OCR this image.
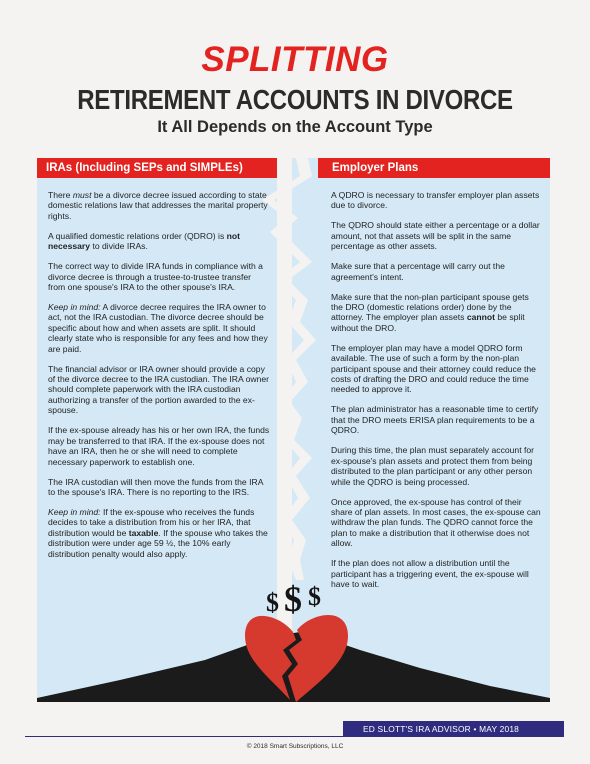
SPLITTING
RETIREMENT ACCOUNTS IN DIVORCE
It All Depends on the Account Type
$ $ $
IRAs (Including SEPs and SIMPLEs)	Employer Plans

There must be a divorce decree issued according to state domestic relations law that addresses the marital property rights.

A qualified domestic relations order (QDRO) is not necessary to divide IRAs.

The correct way to divide IRA funds in compliance with a divorce decree is through a trustee-to-trustee transfer from one spouse's IRA to the other spouse's IRA.

Keep in mind: A divorce decree requires the IRA owner to act, not the IRA custodian. The divorce decree should be specific about how and when assets are split. It should clearly state who is responsible for any fees and how they are paid.

The financial advisor or IRA owner should provide a copy of the divorce decree to the IRA custodian. The IRA owner should complete paperwork with the IRA custodian authorizing a transfer of the portion awarded to the ex-spouse.

If the ex-spouse already has his or her own IRA, the funds may be transferred to that IRA. If the ex-spouse does not have an IRA, then he or she will need to complete necessary paperwork to establish one.

The IRA custodian will then move the funds from the IRA to the spouse's IRA. There is no reporting to the IRS.

Keep in mind: If the ex-spouse who receives the funds decides to take a distribution from his or her IRA, that distribution would be taxable. If the spouse who takes the distribution were under age 59 ½, the 10% early distribution penalty would also apply.

A QDRO is necessary to transfer employer plan assets due to divorce.

The QDRO should state either a percentage or a dollar amount, not that assets will be split in the same percentage as other assets.

Make sure that a percentage will carry out the agreement's intent.

Make sure that the non-plan participant spouse gets the DRO (domestic relations order) done by the attorney. The employer plan assets cannot be split without the DRO.

The employer plan may have a model QDRO form available. The use of such a form by the non-plan participant spouse and their attorney could reduce the costs of drafting the DRO and could reduce the time needed to approve it.

The plan administrator has a reasonable time to certify that the DRO meets ERISA plan requirements to be a QDRO.

During this time, the plan must separately account for ex-spouse's plan assets and protect them from being distributed to the plan participant or any other person while the QDRO is being processed.

Once approved, the ex-spouse has control of their share of plan assets. In most cases, the ex-spouse can withdraw the plan funds. The QDRO cannot force the plan to make a distribution that it otherwise does not allow.

If the plan does not allow a distribution until the participant has a triggering event, the ex-spouse will have to wait.

ED SLOTT'S IRA ADVISOR • MAY 2018
© 2018 Smart Subscriptions, LLC
